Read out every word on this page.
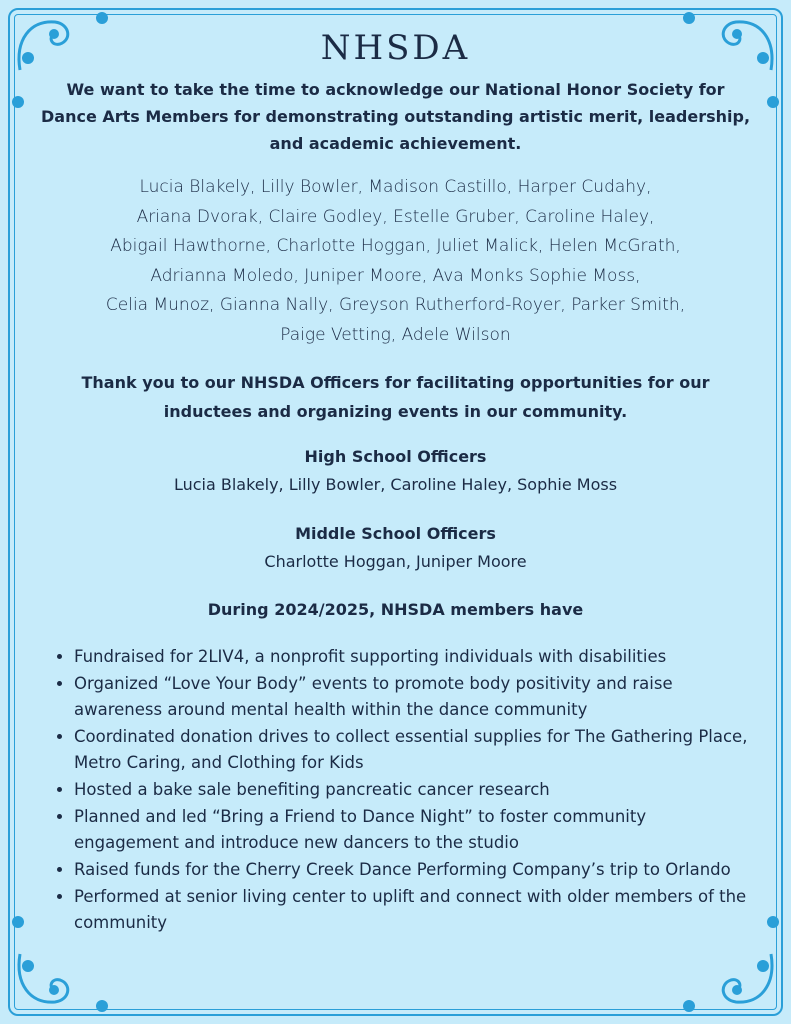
NHSDA

We want to take the time to acknowledge our National Honor Society for Dance Arts Members for demonstrating outstanding artistic merit, leadership, and academic achievement.

Lucia Blakely, Lilly Bowler, Madison Castillo, Harper Cudahy,
Ariana Dvorak, Claire Godley, Estelle Gruber, Caroline Haley,
Abigail Hawthorne, Charlotte Hoggan, Juliet Malick, Helen McGrath,
Adrianna Moledo, Juniper Moore, Ava Monks Sophie Moss,
Celia Munoz, Gianna Nally, Greyson Rutherford-Royer, Parker Smith,
Paige Vetting, Adele Wilson

Thank you to our NHSDA Officers for facilitating opportunities for our inductees and organizing events in our community.

High School Officers

Lucia Blakely, Lilly Bowler, Caroline Haley, Sophie Moss

Middle School Officers

Charlotte Hoggan, Juniper Moore

During 2024/2025, NHSDA members have

• Fundraised for 2LIV4, a nonprofit supporting individuals with disabilities
• Organized “Love Your Body” events to promote body positivity and raise awareness around mental health within the dance community
• Coordinated donation drives to collect essential supplies for The Gathering Place, Metro Caring, and Clothing for Kids
• Hosted a bake sale benefiting pancreatic cancer research
• Planned and led “Bring a Friend to Dance Night” to foster community engagement and introduce new dancers to the studio
• Raised funds for the Cherry Creek Dance Performing Company’s trip to Orlando
• Performed at senior living center to uplift and connect with older members of the community
